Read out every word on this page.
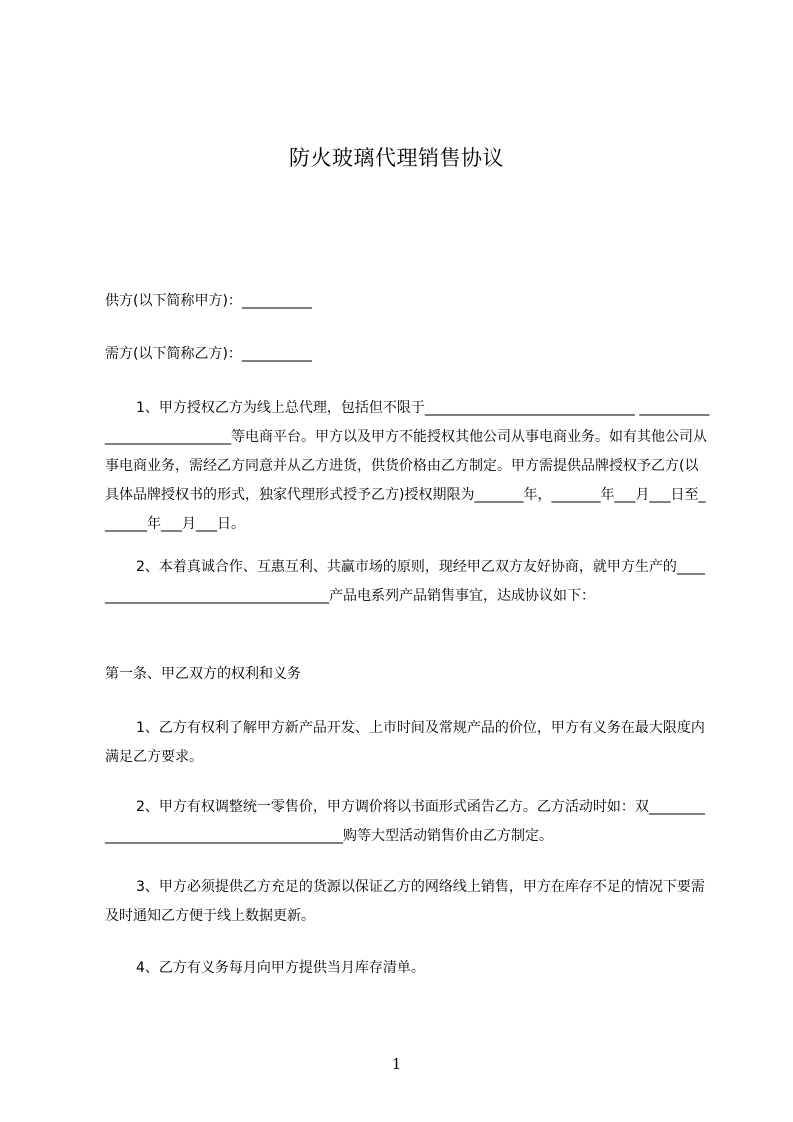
防火玻璃代理销售协议
供方(以下简称甲方)：__________
需方(以下简称乙方)：__________
1、甲方授权乙方为线上总代理，包括但不限于______________________________ ____________________________等电商平台。甲方以及甲方不能授权其他公司从事电商业务。如有其他公司从事电商业务，需经乙方同意并从乙方进货，供货价格由乙方制定。甲方需提供品牌授权予乙方(以具体品牌授权书的形式，独家代理形式授予乙方)授权期限为_______年，_______年___月___日至_______年___月___日。
2、本着真诚合作、互惠互利、共赢市场的原则，现经甲乙双方友好协商，就甲方生产的____________________________________产品电系列产品销售事宜，达成协议如下：
第一条、甲乙双方的权利和义务
1、乙方有权利了解甲方新产品开发、上市时间及常规产品的价位，甲方有义务在最大限度内满足乙方要求。
2、甲方有权调整统一零售价，甲方调价将以书面形式函告乙方。乙方活动时如：双__________________________________________购等大型活动销售价由乙方制定。
3、甲方必须提供乙方充足的货源以保证乙方的网络线上销售，甲方在库存不足的情况下要需及时通知乙方便于线上数据更新。
4、乙方有义务每月向甲方提供当月库存清单。
1
